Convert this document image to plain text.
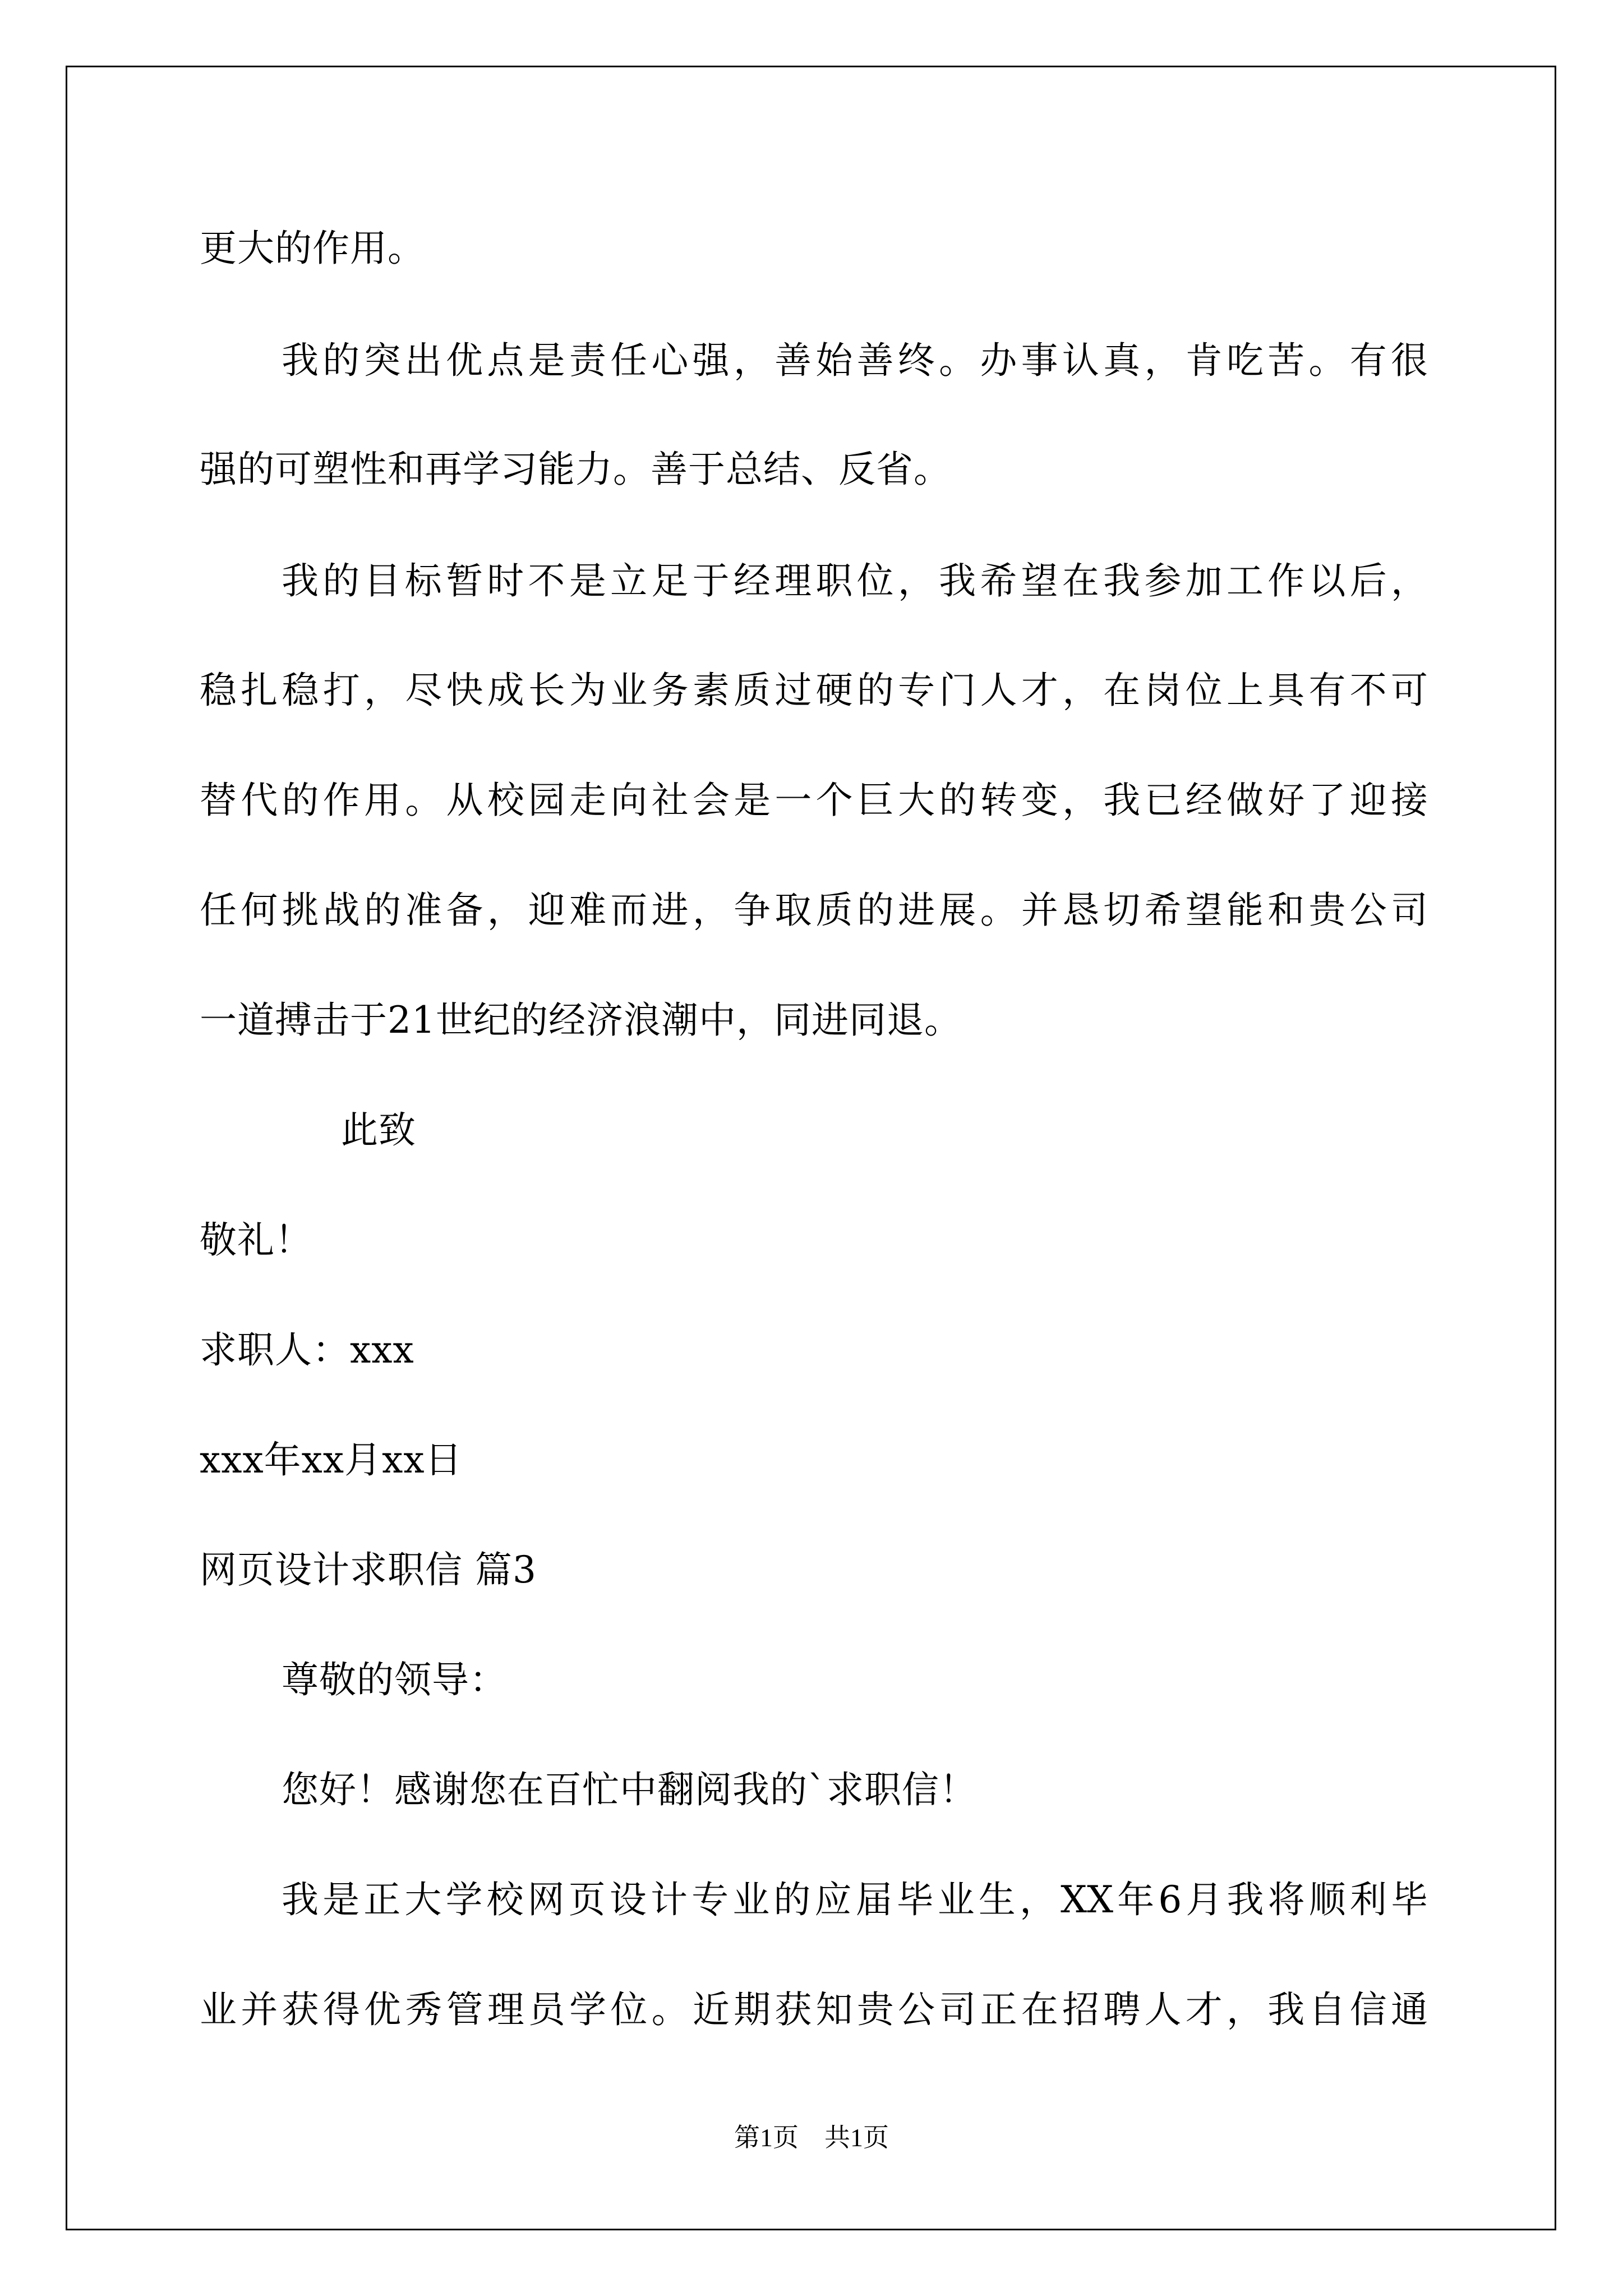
更大的作用。
我的突出优点是责任心强，善始善终。办事认真，肯吃苦。有很
强的可塑性和再学习能力。善于总结、反省。
我的目标暂时不是立足于经理职位，我希望在我参加工作以后，
稳扎稳打，尽快成长为业务素质过硬的专门人才，在岗位上具有不可
替代的作用。从校园走向社会是一个巨大的转变，我已经做好了迎接
任何挑战的准备，迎难而进，争取质的进展。并恳切希望能和贵公司
一道搏击于21世纪的经济浪潮中，同进同退。
此致
敬礼！
求职人：xxx
xxx年xx月xx日
网页设计求职信 篇3
尊敬的领导：
您好！感谢您在百忙中翻阅我的`求职信！
我是正大学校网页设计专业的应届毕业生，XX年6月我将顺利毕
业并获得优秀管理员学位。近期获知贵公司正在招聘人才，我自信通
第1页　共1页
